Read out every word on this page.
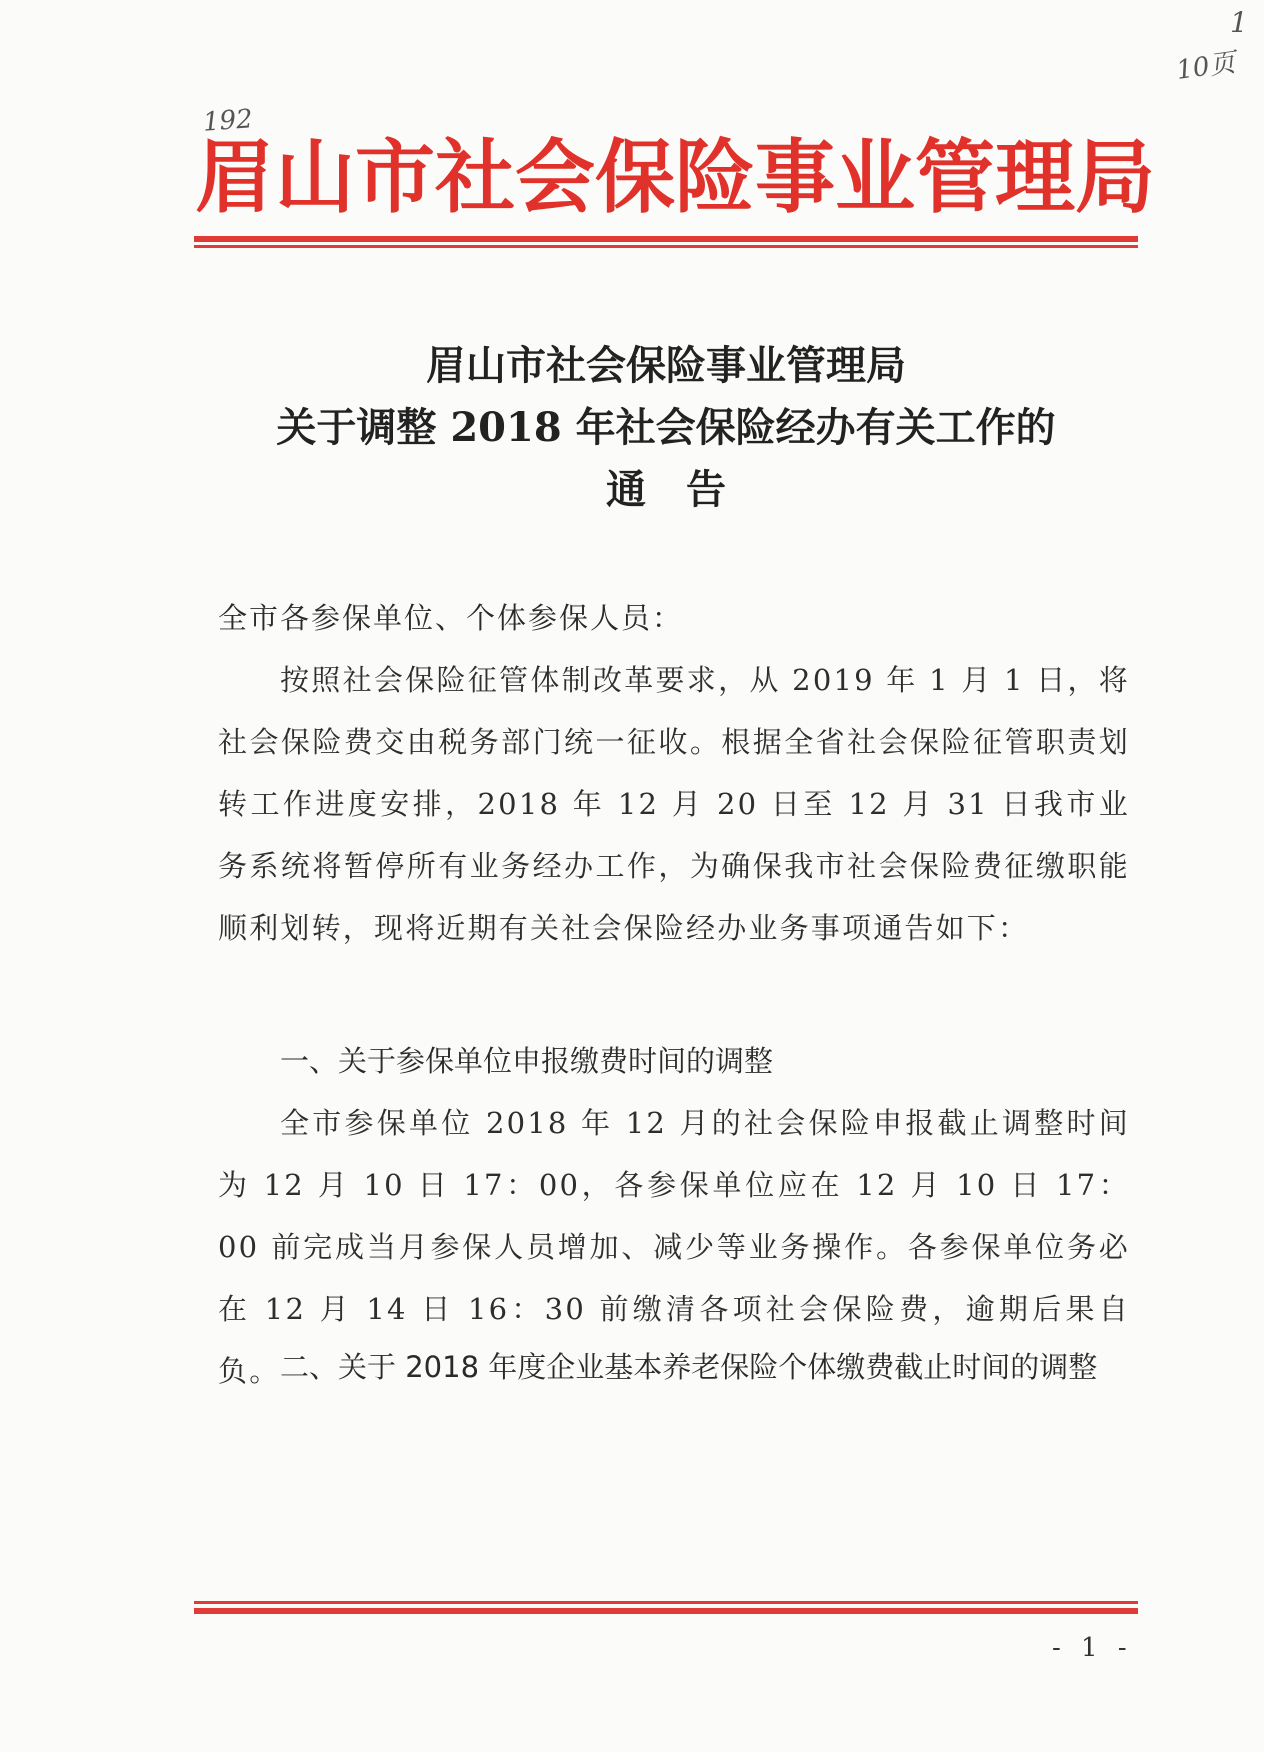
1
10页
192
眉山市社会保险事业管理局
眉山市社会保险事业管理局
关于调整 2018 年社会保险经办有关工作的
通告

全市各参保单位、个体参保人员：

按照社会保险征管体制改革要求，从 2019 年 1 月 1 日，将社会保险费交由税务部门统一征收。根据全省社会保险征管职责划转工作进度安排，2018 年 12 月 20 日至 12 月 31 日我市业务系统将暂停所有业务经办工作，为确保我市社会保险费征缴职能顺利划转，现将近期有关社会保险经办业务事项通告如下：

一、关于参保单位申报缴费时间的调整

全市参保单位 2018 年 12 月的社会保险申报截止调整时间为 12 月 10 日 17：00，各参保单位应在 12 月 10 日 17：00 前完成当月参保人员增加、减少等业务操作。各参保单位务必在 12 月 14 日 16：30 前缴清各项社会保险费，逾期后果自负。 二、关于 2018 年度企业基本养老保险个体缴费截止时间的调整

- 1 -
